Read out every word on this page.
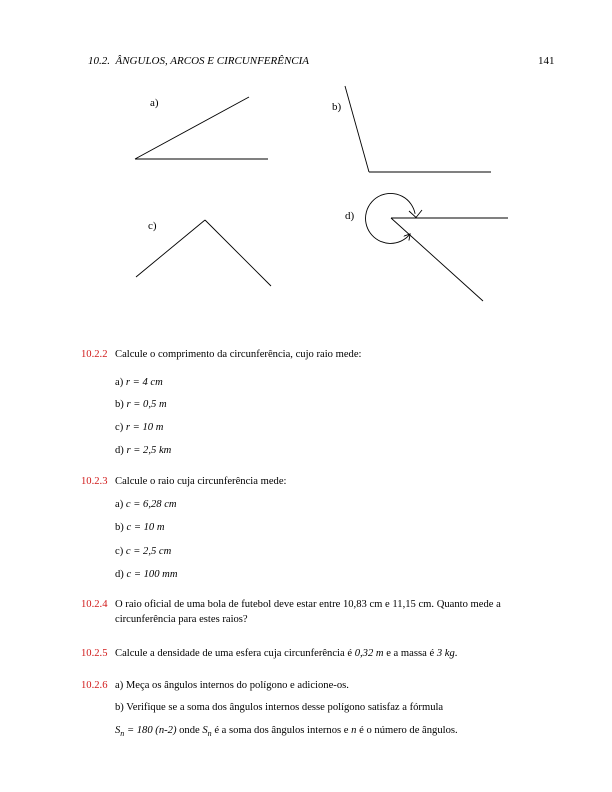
10.2. ÂNGULOS, ARCOS E CIRCUNFERÊNCIA	141
a)	b)
c)
d)
10.2.2 Calcule o comprimento da circunferência, cujo raio mede:
a) r = 4 cm
b) r = 0,5 m
c) r = 10 m
d) r = 2,5 km
10.2.3 Calcule o raio cuja circunferência mede:
a) c = 6,28 cm
b) c = 10 m
c) c = 2,5 cm
d) c = 100 mm
10.2.4 O raio oficial de uma bola de futebol deve estar entre 10,83 cm e 11,15 cm. Quanto mede a
circunferência para estes raios?
10.2.5 Calcule a densidade de uma esfera cuja circunferência é 0,32 m e a massa é 3 kg.
10.2.6 a) Meça os ângulos internos do polígono e adicione-os.
b) Verifique se a soma dos ângulos internos desse polígono satisfaz a fórmula
$S_n = 180$ (n-2) onde $S_n$ é a soma dos ângulos internos e n é o número de ângulos.
